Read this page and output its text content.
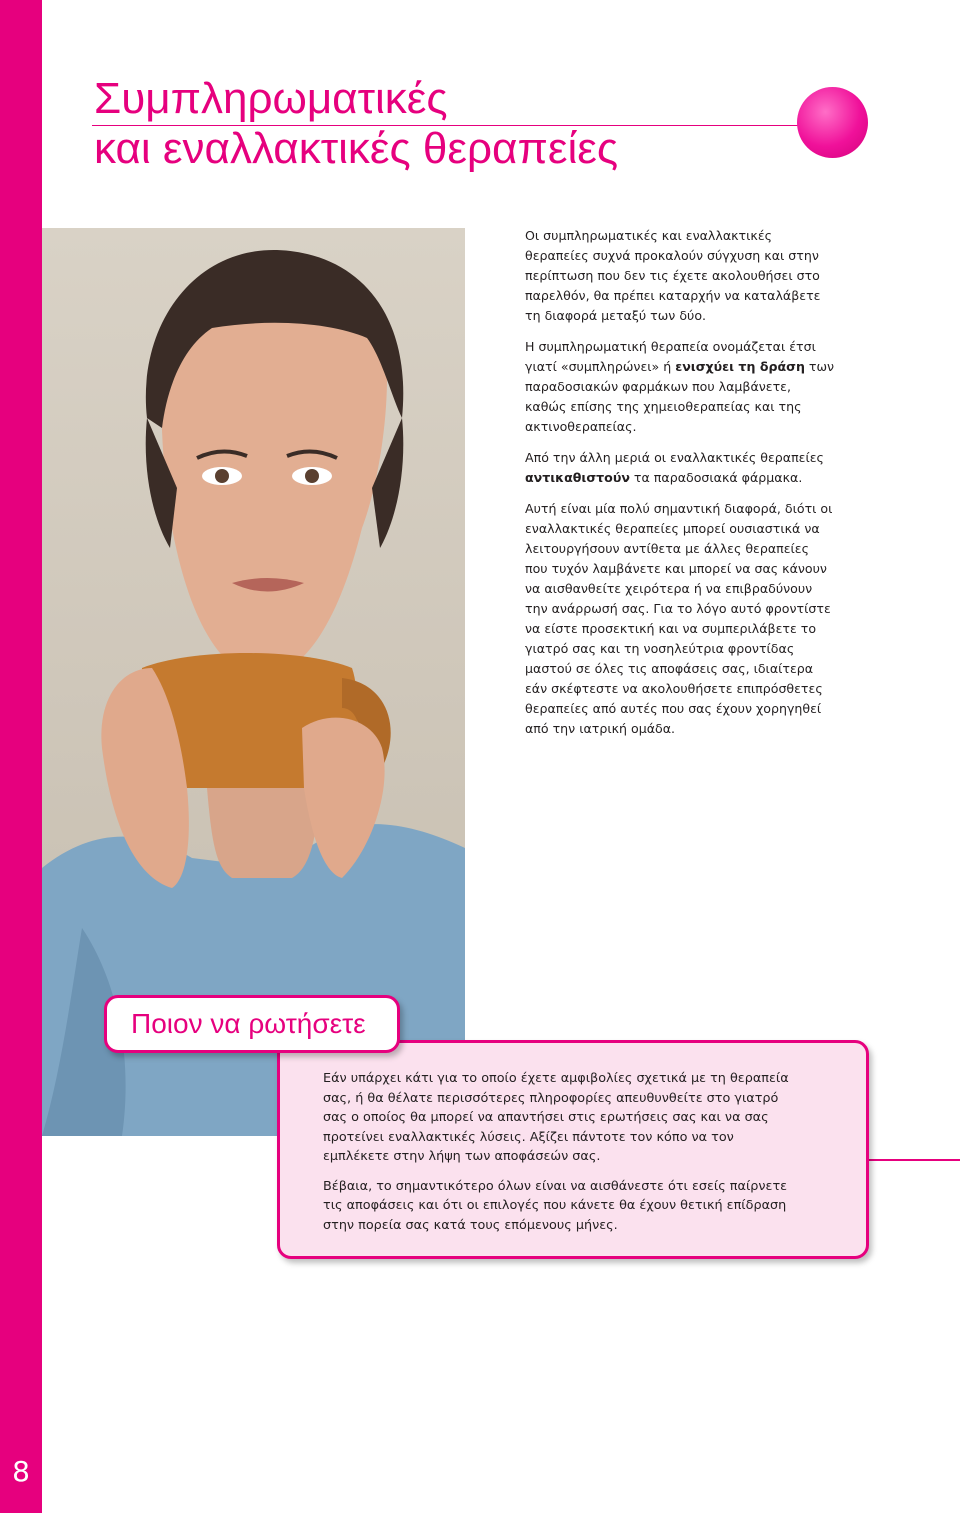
8
Συμπληρωματικές
και εναλλακτικές θεραπείες

Οι συμπληρωματικές και εναλλακτικές θεραπείες συχνά προκαλούν σύγχυση και στην περίπτωση που δεν τις έχετε ακολουθήσει στο παρελθόν, θα πρέπει καταρχήν να καταλάβετε τη διαφορά μεταξύ των δύο.

Η συμπληρωματική θεραπεία ονομάζεται έτσι γιατί «συμπληρώνει» ή ενισχύει τη δράση των παραδοσιακών φαρμάκων που λαμβάνετε, καθώς επίσης της χημειοθεραπείας και της ακτινοθεραπείας.

Από την άλλη μεριά οι εναλλακτικές θεραπείες αντικαθιστούν τα παραδοσιακά φάρμακα.

Αυτή είναι μία πολύ σημαντική διαφορά, διότι οι εναλλακτικές θεραπείες μπορεί ουσιαστικά να λειτουργήσουν αντίθετα με άλλες θεραπείες που τυχόν λαμβάνετε και μπορεί να σας κάνουν να αισθανθείτε χειρότερα ή να επιβραδύνουν την ανάρρωσή σας. Για το λόγο αυτό φροντίστε να είστε προσεκτική και να συμπεριλάβετε το γιατρό σας και τη νοσηλεύτρια φροντίδας μαστού σε όλες τις αποφάσεις σας, ιδιαίτερα εάν σκέφτεστε να ακολουθήσετε επιπρόσθετες θεραπείες από αυτές που σας έχουν χορηγηθεί από την ιατρική ομάδα.

Ποιον να ρωτήσετε

Εάν υπάρχει κάτι για το οποίο έχετε αμφιβολίες σχετικά με τη θεραπεία σας, ή θα θέλατε περισσότερες πληροφορίες απευθυνθείτε στο γιατρό σας ο οποίος θα μπορεί να απαντήσει στις ερωτήσεις σας και να σας προτείνει εναλλακτικές λύσεις. Αξίζει πάντοτε τον κόπο να τον εμπλέκετε στην λήψη των αποφάσεών σας.

Βέβαια, το σημαντικότερο όλων είναι να αισθάνεστε ότι εσείς παίρνετε τις αποφάσεις και ότι οι επιλογές που κάνετε θα έχουν θετική επίδραση στην πορεία σας κατά τους επόμενους μήνες.
